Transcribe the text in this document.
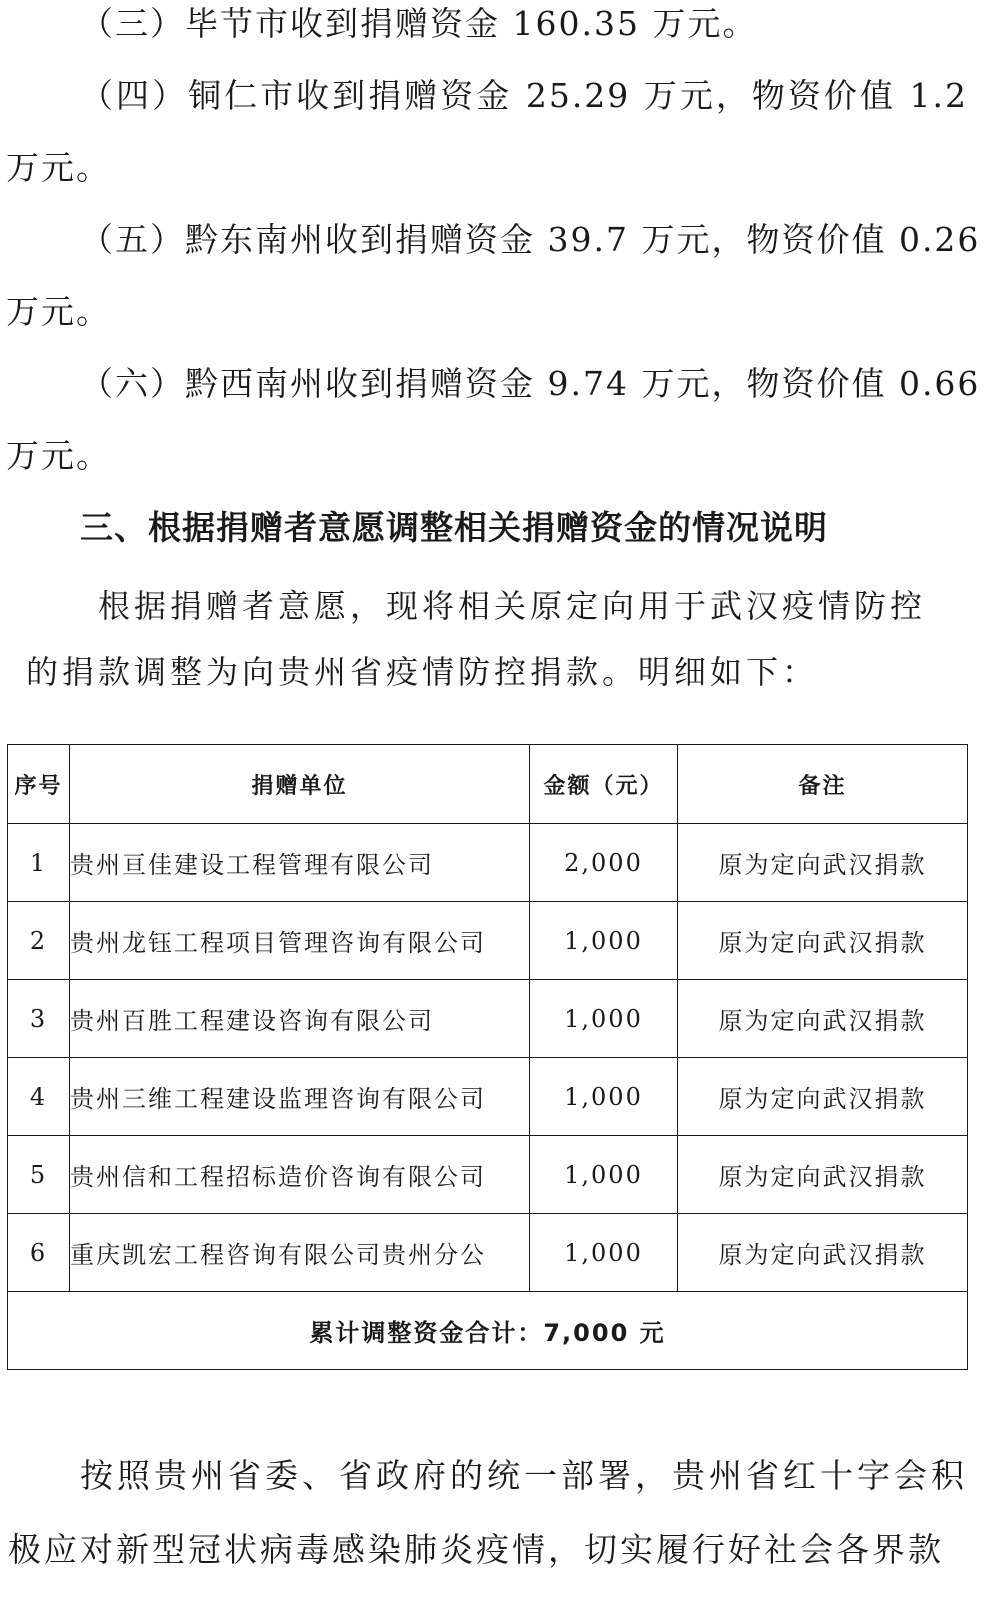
（三）毕节市收到捐赠资金 160.35 万元。
（四）铜仁市收到捐赠资金 25.29 万元，物资价值 1.2
万元。
（五）黔东南州收到捐赠资金 39.7 万元，物资价值 0.26
万元。
（六）黔西南州收到捐赠资金 9.74 万元，物资价值 0.66
万元。
三、根据捐赠者意愿调整相关捐赠资金的情况说明
根据捐赠者意愿，现将相关原定向用于武汉疫情防控
的捐款调整为向贵州省疫情防控捐款。明细如下：
序号	捐赠单位	金额（元）	备注
1	贵州亘佳建设工程管理有限公司	2,000	原为定向武汉捐款
2	贵州龙钰工程项目管理咨询有限公司	1,000	原为定向武汉捐款
3	贵州百胜工程建设咨询有限公司	1,000	原为定向武汉捐款
4	贵州三维工程建设监理咨询有限公司	1,000	原为定向武汉捐款
5	贵州信和工程招标造价咨询有限公司	1,000	原为定向武汉捐款
6	重庆凯宏工程咨询有限公司贵州分公	1,000	原为定向武汉捐款
累计调整资金合计：7,000 元			
按照贵州省委、省政府的统一部署，贵州省红十字会积
极应对新型冠状病毒感染肺炎疫情，切实履行好社会各界款
